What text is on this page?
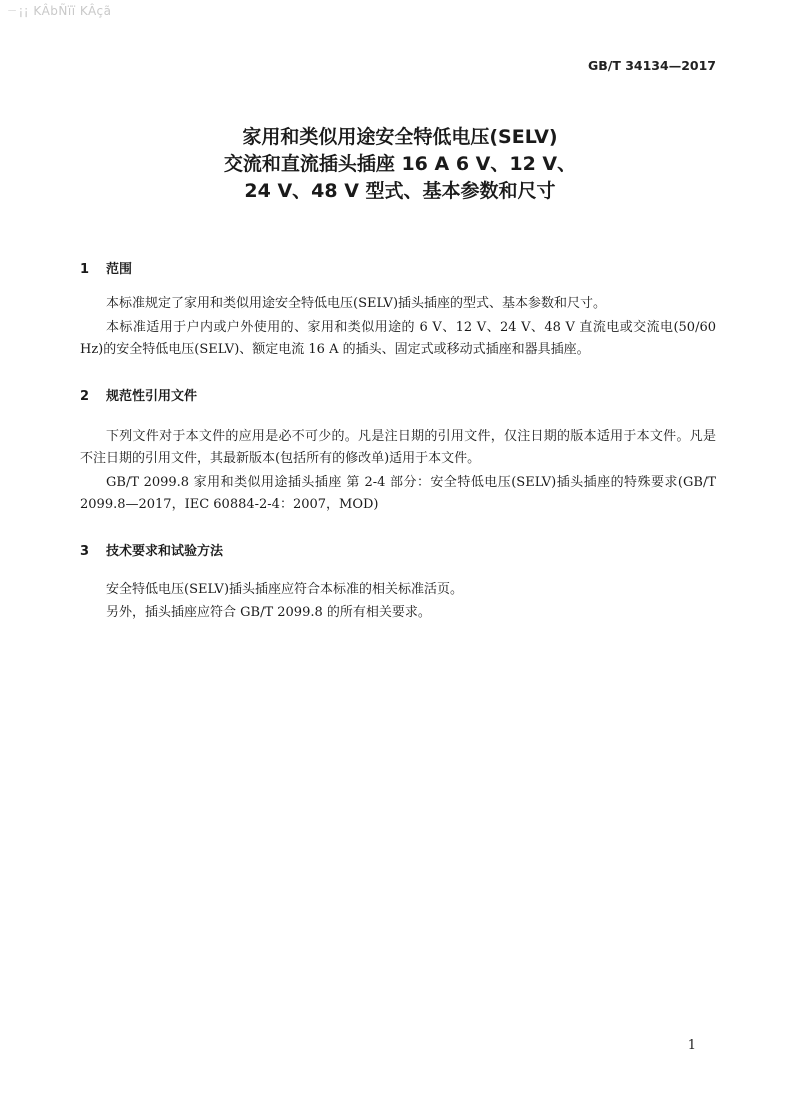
ㄧ¡¡ KÂbÑïï KÂçã
GB/T 34134—2017
家用和类似用途安全特低电压(SELV)
交流和直流插头插座 16 A 6 V、12 V、
24 V、48 V 型式、基本参数和尺寸
1 范围
本标准规定了家用和类似用途安全特低电压(SELV)插头插座的型式、基本参数和尺寸。
本标准适用于户内或户外使用的、家用和类似用途的 6 V、12 V、24 V、48 V 直流电或交流电(50/60 Hz)的安全特低电压(SELV)、额定电流 16 A 的插头、固定式或移动式插座和器具插座。
2 规范性引用文件
下列文件对于本文件的应用是必不可少的。凡是注日期的引用文件，仅注日期的版本适用于本文件。凡是不注日期的引用文件，其最新版本(包括所有的修改单)适用于本文件。
GB/T 2099.8 家用和类似用途插头插座 第 2-4 部分：安全特低电压(SELV)插头插座的特殊要求(GB/T 2099.8—2017，IEC 60884-2-4：2007，MOD)
3 技术要求和试验方法
安全特低电压(SELV)插头插座应符合本标准的相关标准活页。
另外，插头插座应符合 GB/T 2099.8 的所有相关要求。
1
